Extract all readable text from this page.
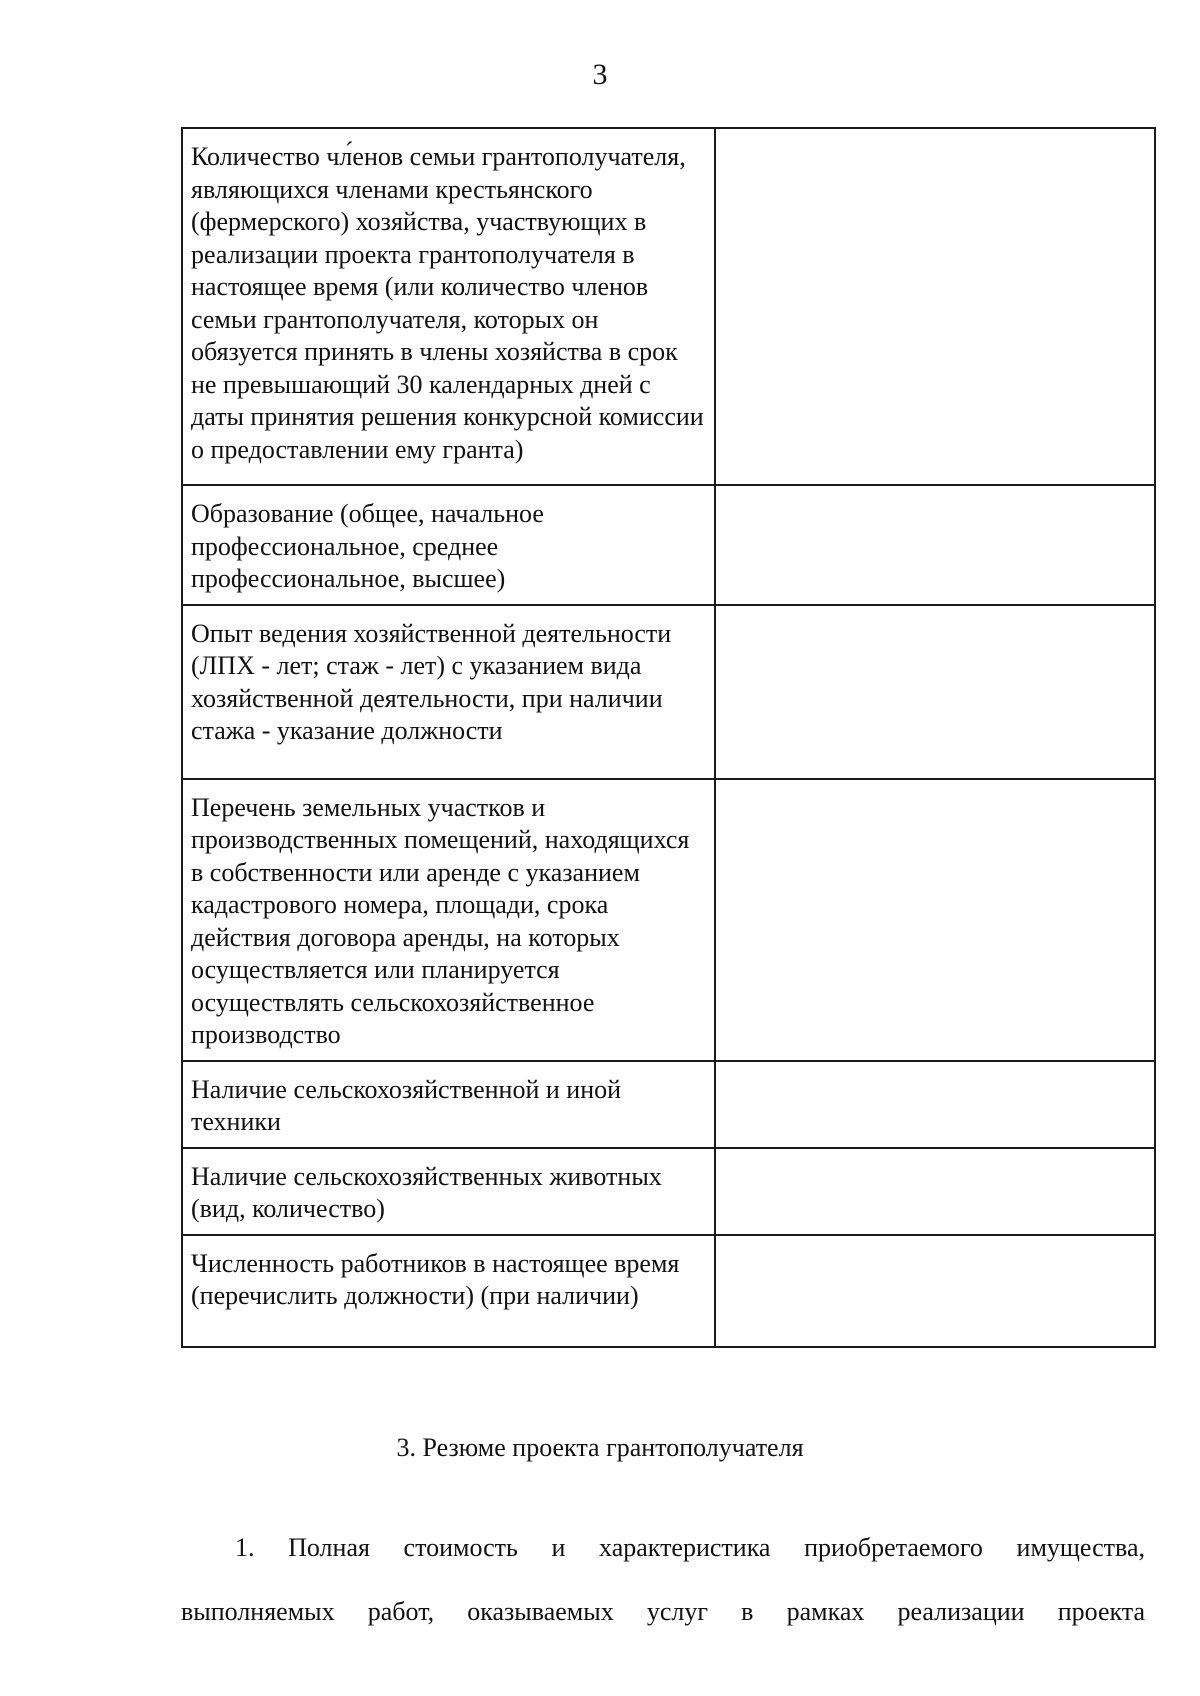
3
Количество чл́енов семьи грантополучателя, являющихся членами крестьянского (фермерского) хозяйства, участвующих в реализации проекта грантополучателя в настоящее время (или количество членов семьи грантополучателя, которых он обязуется принять в члены хозяйства в срок не превышающий 30 календарных дней с даты принятия решения конкурсной комиссии о предоставлении ему гранта)	
Образование (общее, начальное профессиональное, среднее профессиональное, высшее)	
Опыт ведения хозяйственной деятельности (ЛПХ - лет; стаж - лет) с указанием вида хозяйственной деятельности, при наличии стажа - указание должности	
Перечень земельных участков и производственных помещений, находящихся в собственности или аренде с указанием кадастрового номера, площади, срока действия договора аренды, на которых осуществляется или планируется осуществлять сельскохозяйственное производство	
Наличие сельскохозяйственной и иной техники	
Наличие сельскохозяйственных животных (вид, количество)	
Численность работников в настоящее время (перечислить должности) (при наличии)	
3. Резюме проекта грантополучателя
1. Полная стоимость и характеристика приобретаемого имущества, выполняемых работ, оказываемых услуг в рамках реализации проекта
